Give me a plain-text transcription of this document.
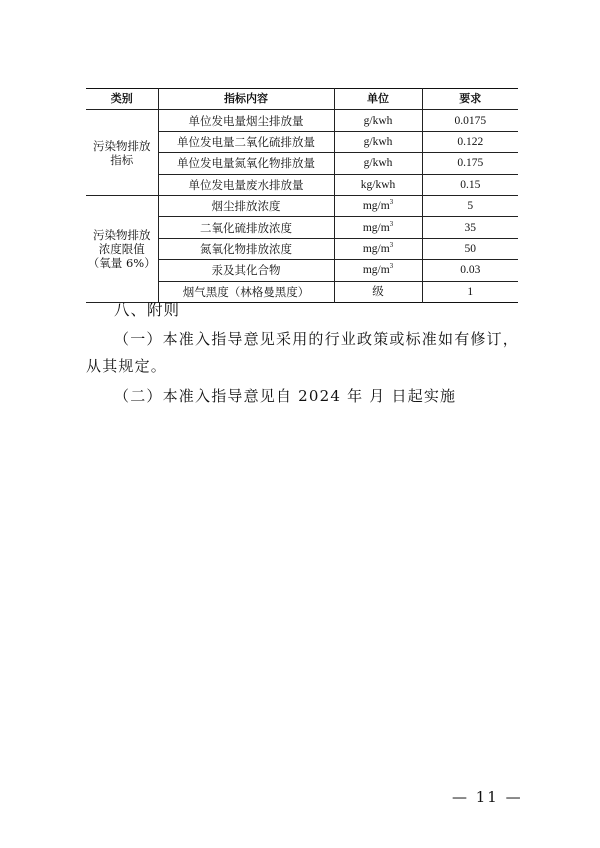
类别	指标内容	单位	要求

污染物排放
指标	单位发电量烟尘排放量	g/kwh	0.0175
	单位发电量二氧化硫排放量	g/kwh	0.122
	单位发电量氮氧化物排放量	g/kwh	0.175
	单位发电量废水排放量	kg/kwh	0.15

污染物排放
浓度限值
（氧量 6%）	烟尘排放浓度	$mg/m^3$	5
	二氧化硫排放浓度	$mg/m^3$	35
	氮氧化物排放浓度	$mg/m^3$	50
	汞及其化合物	$mg/m^3$	0.03
	烟气黑度（林格曼黑度）	级	1
八、附则
（一）本准入指导意见采用的行业政策或标准如有修订，
从其规定。
（二）本准入指导意见自 2024 年 月 日起实施
— 11 —
